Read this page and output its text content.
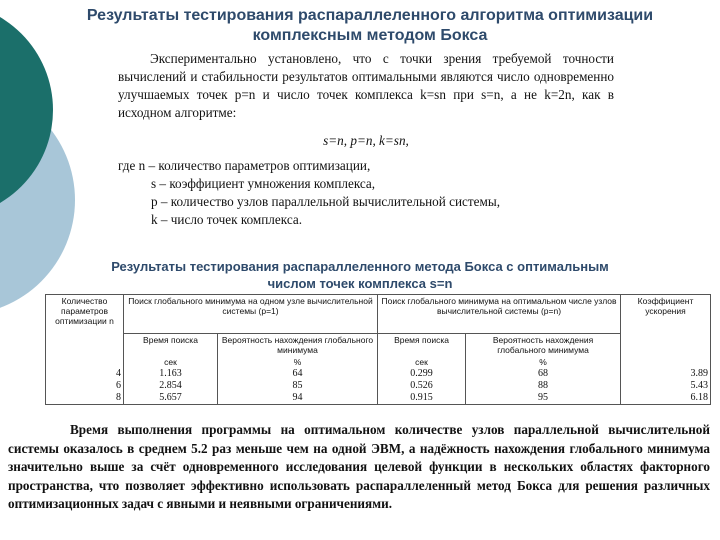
Результаты тестирования распараллеленного алгоритма оптимизации комплексным методом Бокса

Экспериментально установлено, что с точки зрения требуемой точности вычислений и стабильности результатов оптимальными являются число одновременно улучшаемых точек p=n и число точек комплекса k=sn при s=n, а не k=2n, как в исходном алгоритме:

s=n, p=n, k=sn,
где n – количество параметров оптимизации,
s – коэффициент умножения комплекса,
p – количество узлов параллельной вычислительной системы,
k – число точек комплекса.
Результаты тестирования распараллеленного метода Бокса с оптимальным числом точек комплекса s=n
Количество параметров оптимизации n	Поиск глобального минимума на одном узле вычислительной системы (p=1)		Поиск глобального минимума на оптимальном числе узлов вычислительной системы (p=n)		Коэффициент ускорения
	Время поиска	Вероятность нахождения глобального минимума	Время поиска	Вероятность нахождения глобального минимума	
	сек	%	сек	%	
4	1.163	64	0.299	68	3.89
6	2.854	85	0.526	88	5.43
8	5.657	94	0.915	95	6.18

Время выполнения программы на оптимальном количестве узлов параллельной вычислительной системы оказалось в среднем 5.2 раз меньше чем на одной ЭВМ, а надёжность нахождения глобального минимума значительно выше за счёт одновременного исследования целевой функции в нескольких областях факторного пространства, что позволяет эффективно использовать распараллеленный метод Бокса для решения различных оптимизационных задач с явными и неявными ограничениями.
